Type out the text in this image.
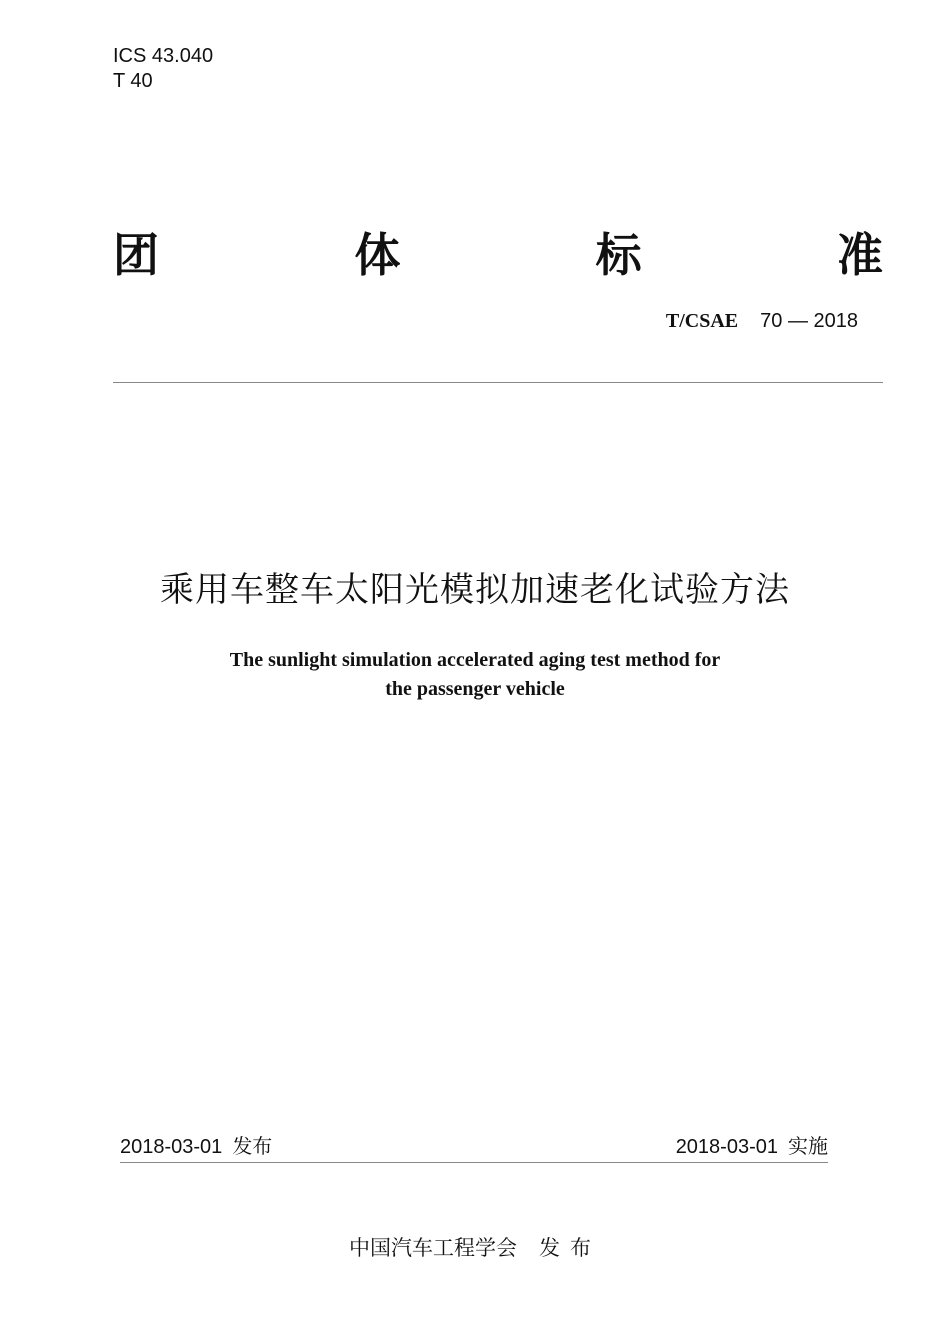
ICS 43.040
T 40
团	体	标	准
T/CSAE 70 — 2018
乘用车整车太阳光模拟加速老化试验方法
The sunlight simulation accelerated aging test method for
the passenger vehicle
2018-03-01 发布	2018-03-01 实施
中国汽车工程学会 发布
